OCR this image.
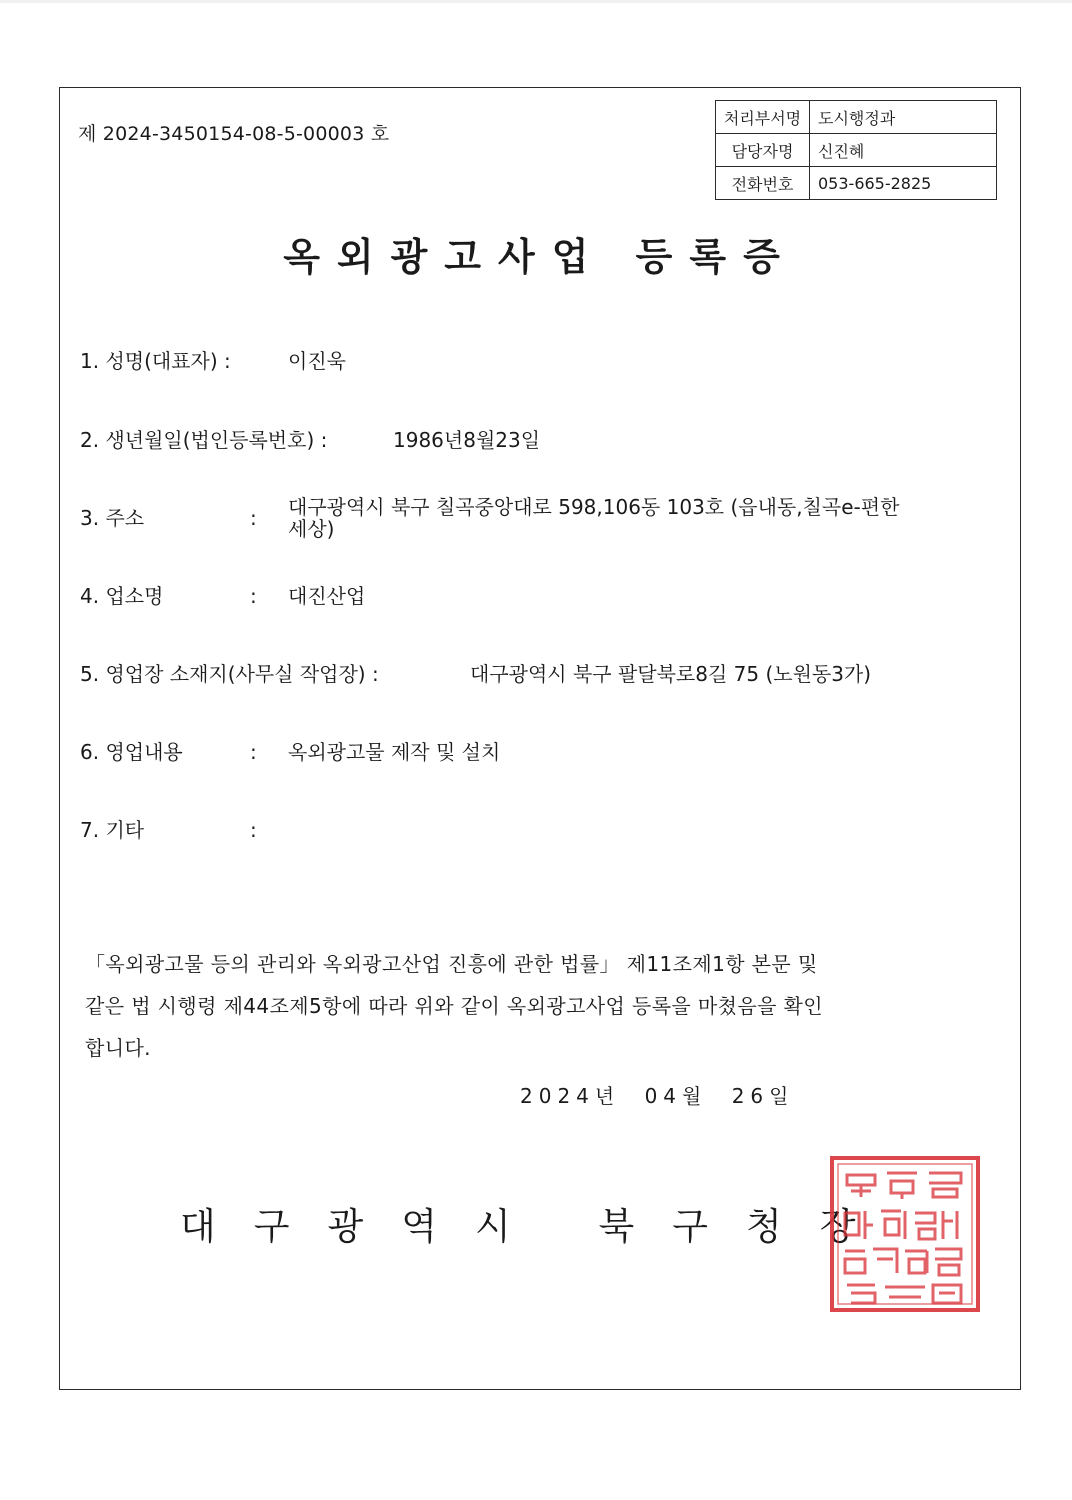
제 2024-3450154-08-5-00003 호
처리부서명	도시행정과
담당자명	신진혜
전화번호	053-665-2825
옥외광고사업 등록증
1. 성명(대표자) :	이진욱
2. 생년월일(법인등록번호) :	1986년8월23일
3. 주소	: 대구광역시 북구 칠곡중앙대로 598,106동 103호 (읍내동,칠곡e-편한
세상)
4. 업소명	: 대진산업
5. 영업장 소재지(사무실 작업장) :	대구광역시 북구 팔달북로8길 75 (노원동3가)
6. 영업내용	: 옥외광고물 제작 및 설치
7. 기타	:
「옥외광고물 등의 관리와 옥외광고산업 진흥에 관한 법률」 제11조제1항 본문 및
같은 법 시행령 제44조제5항에 따라 위와 같이 옥외광고사업 등록을 마쳤음을 확인
합니다.
2024년 04월 26일
대구광역시 북구청장
